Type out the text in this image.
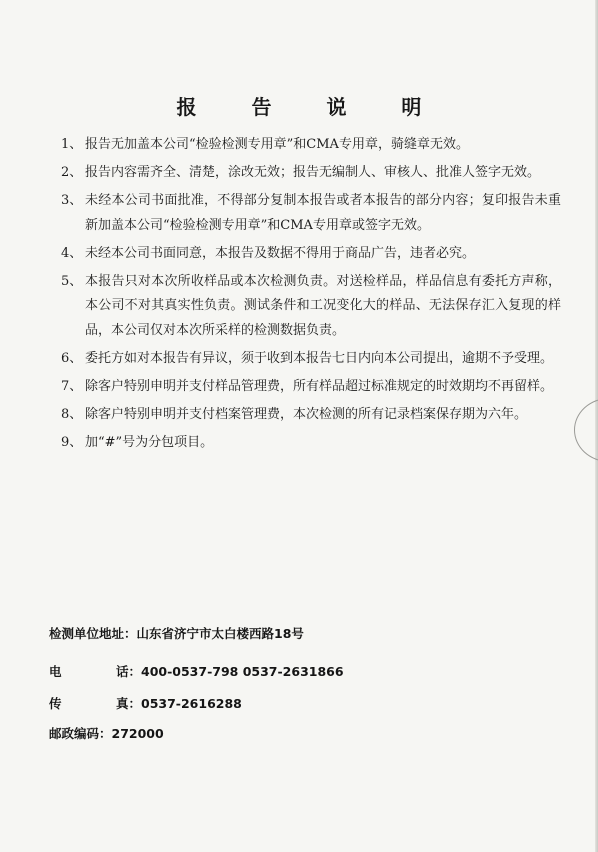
报 告 说 明
1、 报告无加盖本公司“检验检测专用章”和CMA专用章，骑缝章无效。
2、 报告内容需齐全、清楚，涂改无效；报告无编制人、审核人、批准人签字无效。
3、 未经本公司书面批准，不得部分复制本报告或者本报告的部分内容；复印报告未重新加盖本公司“检验检测专用章”和CMA专用章或签字无效。
4、 未经本公司书面同意，本报告及数据不得用于商品广告，违者必究。
5、 本报告只对本次所收样品或本次检测负责。对送检样品，样品信息有委托方声称，本公司不对其真实性负责。测试条件和工况变化大的样品、无法保存汇入复现的样品，本公司仅对本次所采样的检测数据负责。
6、 委托方如对本报告有异议，须于收到本报告七日内向本公司提出，逾期不予受理。
7、 除客户特别申明并支付样品管理费，所有样品超过标准规定的时效期均不再留样。
8、 除客户特别申明并支付档案管理费，本次检测的所有记录档案保存期为六年。
9、 加“#”号为分包项目。
检测单位地址：山东省济宁市太白楼西路18号
电	话： 400-0537-798 0537-2631866
传	真： 0537-2616288
邮政编码：272000
